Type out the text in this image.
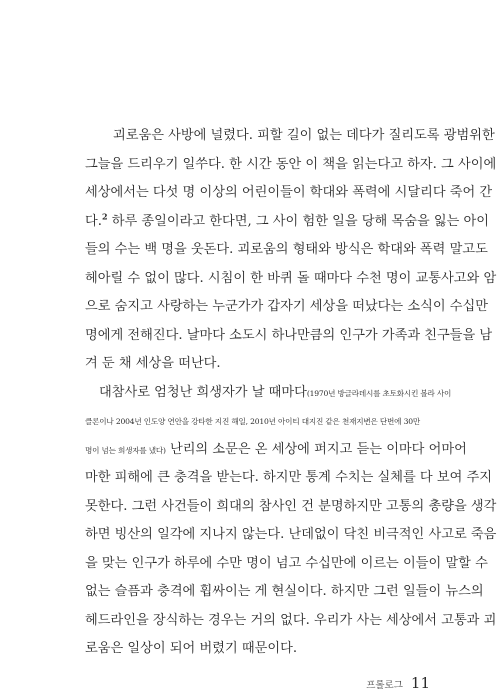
괴로움은 사방에 널렸다. 피할 길이 없는 데다가 질리도록 광범위한
그늘을 드리우기 일쑤다. 한 시간 동안 이 책을 읽는다고 하자. 그 사이에
세상에서는 다섯 명 이상의 어린이들이 학대와 폭력에 시달리다 죽어 간
다.$^2$ 하루 종일이라고 한다면, 그 사이 험한 일을 당해 목숨을 잃는 아이
들의 수는 백 명을 웃돈다. 괴로움의 형태와 방식은 학대와 폭력 말고도
헤아릴 수 없이 많다. 시침이 한 바퀴 돌 때마다 수천 명이 교통사고와 암
으로 숨지고 사랑하는 누군가가 갑자기 세상을 떠났다는 소식이 수십만
명에게 전해진다. 날마다 소도시 하나만큼의 인구가 가족과 친구들을 남
겨 둔 채 세상을 떠난다.
대참사로 엄청난 희생자가 날 때마다(1970년 방글라데시를 초토화시킨 볼라 사이
클론이나 2004년 인도양 연안을 강타한 지진 해일, 2010년 아이티 대지진 같은 천재지변은 단번에 30만
명이 넘는 희생자를 냈다) 난리의 소문은 온 세상에 퍼지고 듣는 이마다 어마어
마한 피해에 큰 충격을 받는다. 하지만 통계 수치는 실체를 다 보여 주지
못한다. 그런 사건들이 희대의 참사인 건 분명하지만 고통의 총량을 생각
하면 빙산의 일각에 지나지 않는다. 난데없이 닥친 비극적인 사고로 죽음
을 맞는 인구가 하루에 수만 명이 넘고 수십만에 이르는 이들이 말할 수
없는 슬픔과 충격에 휩싸이는 게 현실이다. 하지만 그런 일들이 뉴스의
헤드라인을 장식하는 경우는 거의 없다. 우리가 사는 세상에서 고통과 괴
로움은 일상이 되어 버렸기 때문이다.
프롤로그 11
